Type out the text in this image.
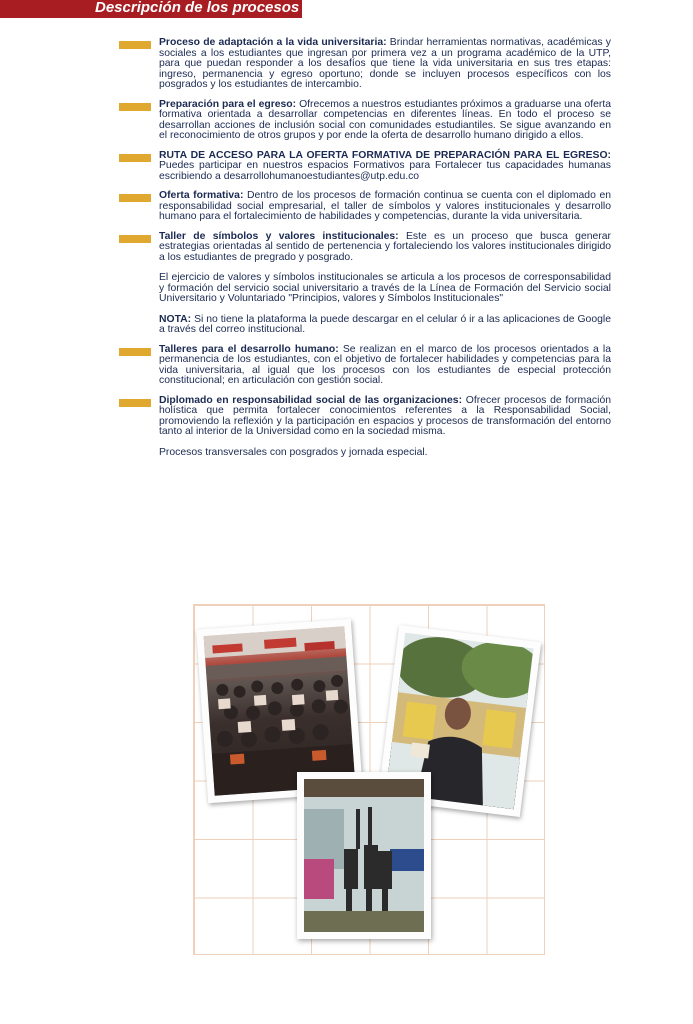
Descripción de los procesos

Proceso de adaptación a la vida universitaria: Brindar herramientas normativas, académicas y sociales a los estudiantes que ingresan por primera vez a un programa académico de la UTP, para que puedan responder a los desafíos que tiene la vida universitaria en sus tres etapas: ingreso, permanencia y egreso oportuno; donde se incluyen procesos específicos con los posgrados y los estudiantes de intercambio.

Preparación para el egreso: Ofrecemos a nuestros estudiantes próximos a graduarse una oferta formativa orientada a desarrollar competencias en diferentes líneas. En todo el proceso se desarrollan acciones de inclusión social con comunidades estudiantiles. Se sigue avanzando en el reconocimiento de otros grupos y por ende la oferta de desarrollo humano dirigido a ellos.

RUTA DE ACCESO PARA LA OFERTA FORMATIVA DE PREPARACIÓN PARA EL EGRESO: Puedes participar en nuestros espacios Formativos para Fortalecer tus capacidades humanas escribiendo a desarrollohumanoestudiantes@utp.edu.co

Oferta formativa: Dentro de los procesos de formación continua se cuenta con el diplomado en responsabilidad social empresarial, el taller de símbolos y valores institucionales y desarrollo humano para el fortalecimiento de habilidades y competencias, durante la vida universitaria.

Taller de símbolos y valores institucionales: Este es un proceso que busca generar estrategias orientadas al sentido de pertenencia y fortaleciendo los valores institucionales dirigido a los estudiantes de pregrado y posgrado.

El ejercicio de valores y símbolos institucionales se articula a los procesos de corresponsabilidad y formación del servicio social universitario a través de la Línea de Formación del Servicio social Universitario y Voluntariado "Principios, valores y Símbolos Institucionales"

NOTA: Si no tiene la plataforma la puede descargar en el celular ó ir a las aplicaciones de Google a través del correo institucional.

Talleres para el desarrollo humano: Se realizan en el marco de los procesos orientados a la permanencia de los estudiantes, con el objetivo de fortalecer habilidades y competencias para la vida universitaria, al igual que los procesos con los estudiantes de especial protección constitucional; en articulación con gestión social.

Diplomado en responsabilidad social de las organizaciones: Ofrecer procesos de formación holística que permita fortalecer conocimientos referentes a la Responsabilidad Social, promoviendo la reflexión y la participación en espacios y procesos de transformación del entorno tanto al interior de la Universidad como en la sociedad misma.

Procesos transversales con posgrados y jornada especial.
